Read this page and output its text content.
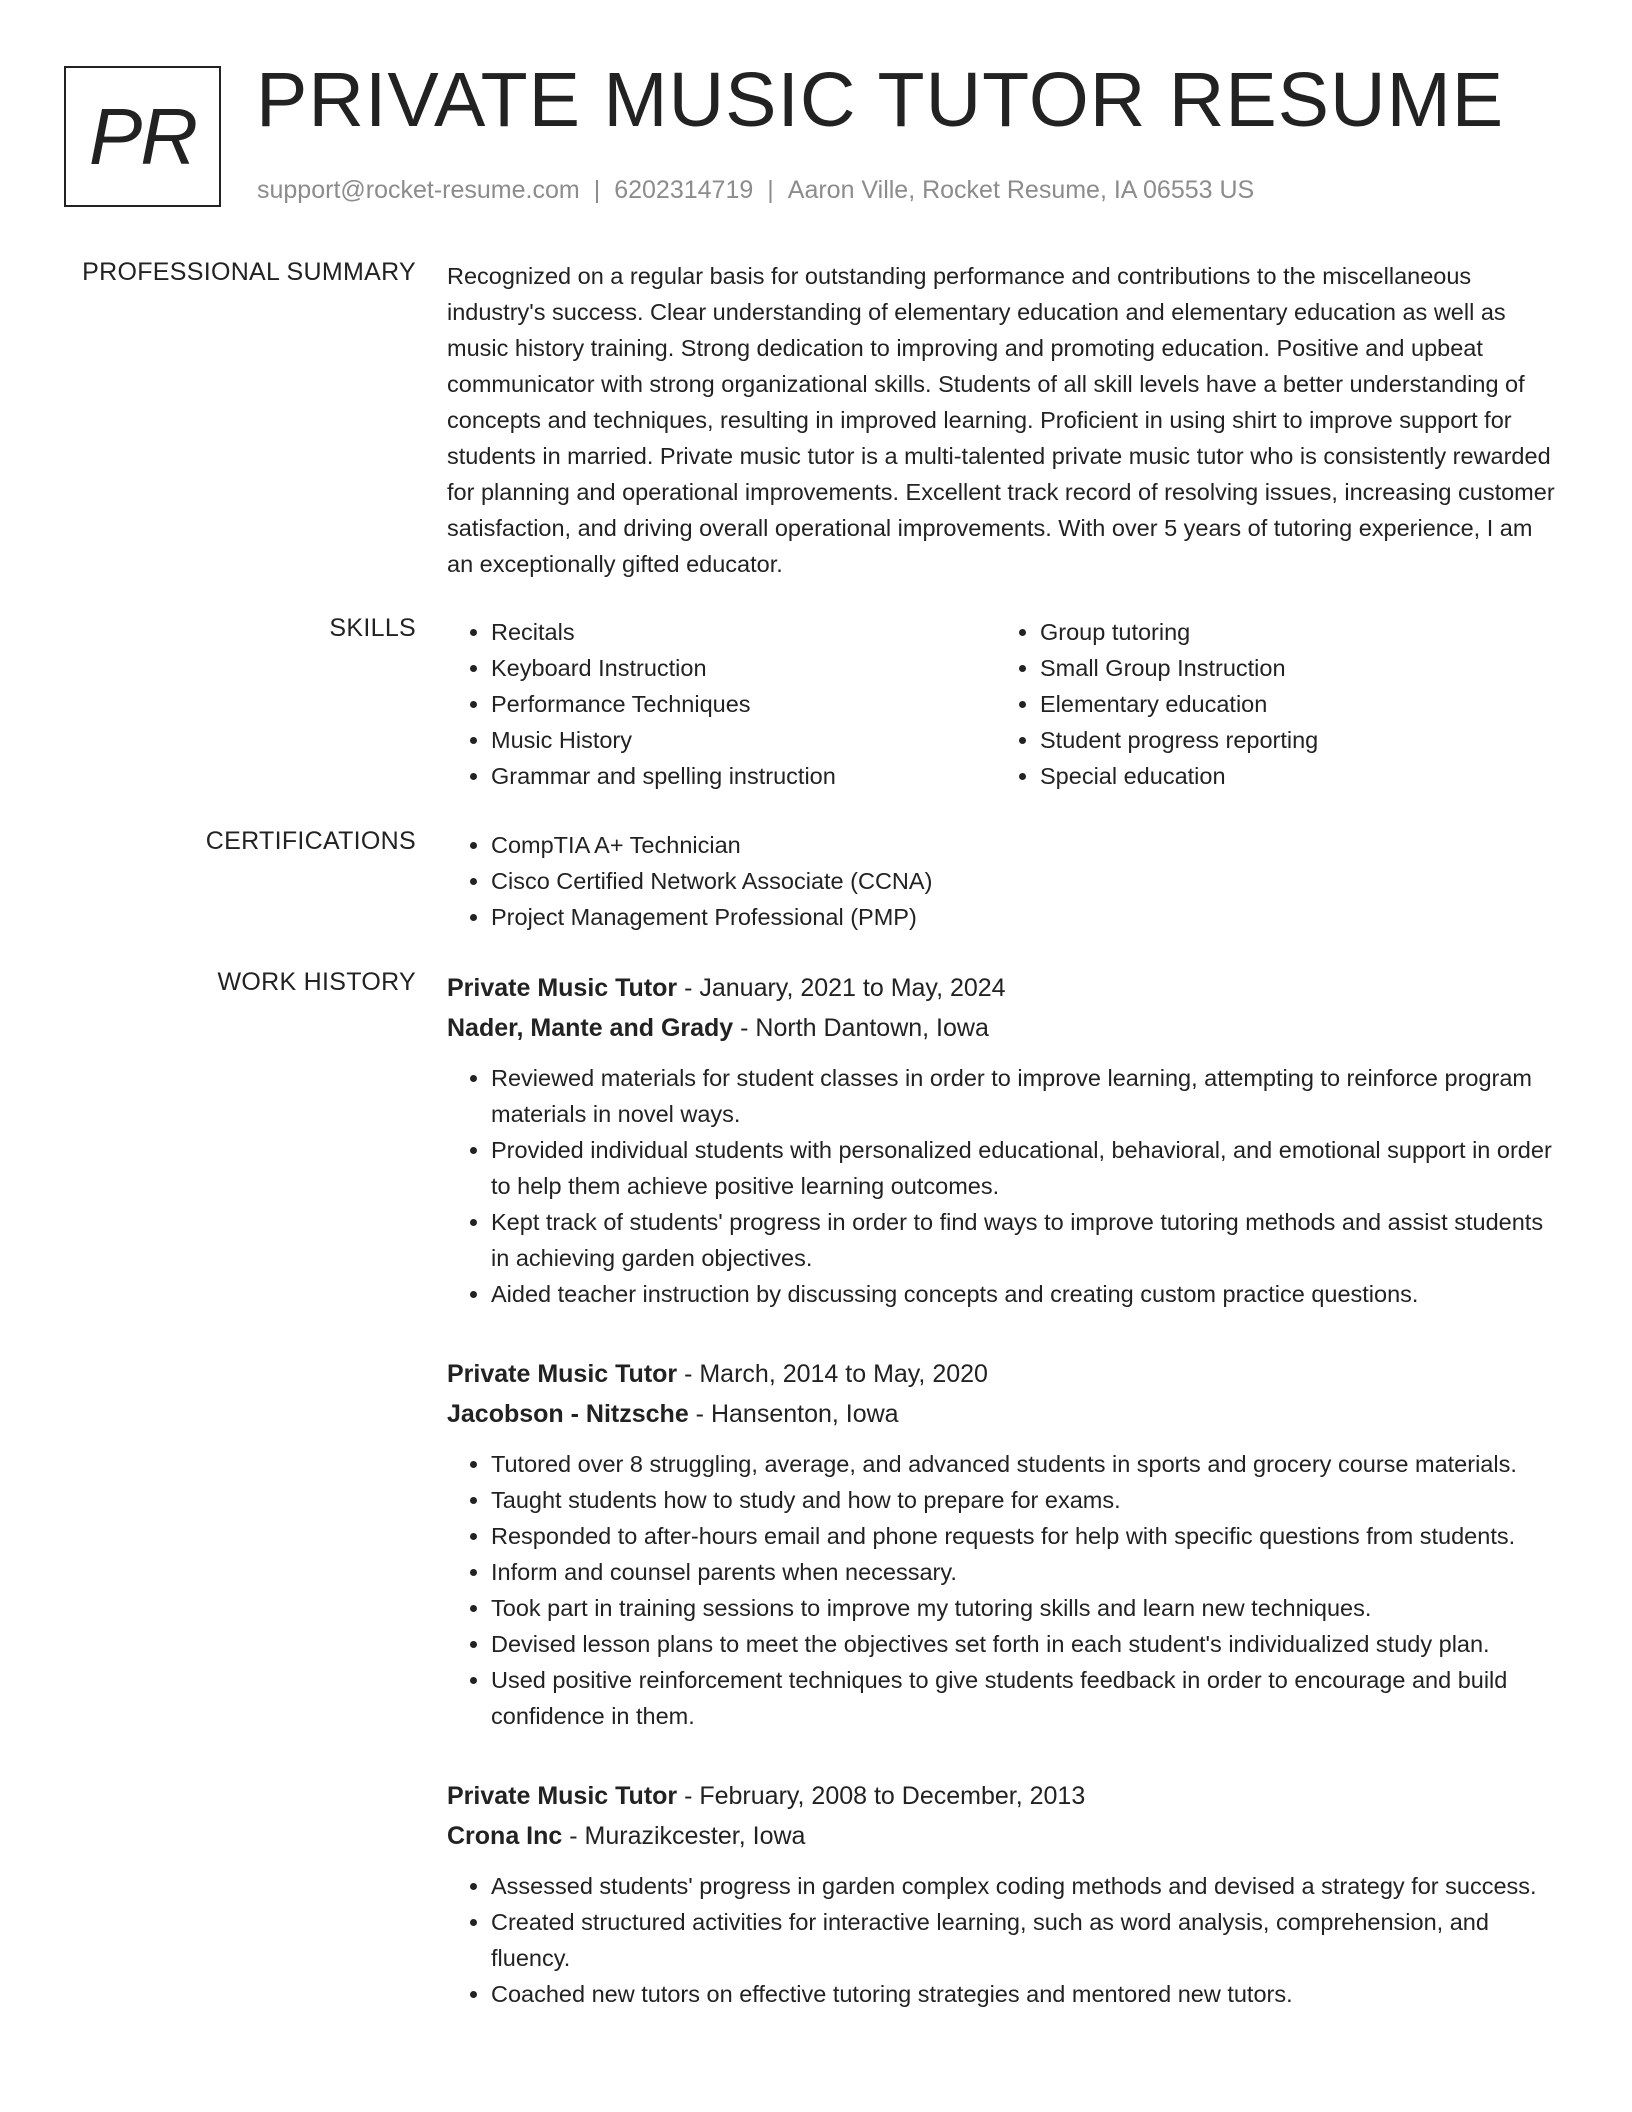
PR PRIVATE MUSIC TUTOR RESUME
support@rocket-resume.com | 6202314719 | Aaron Ville, Rocket Resume, IA 06553 US
PROFESSIONAL SUMMARY Recognized on a regular basis for outstanding performance and contributions to the miscellaneous industry's success. Clear understanding of elementary education and elementary education as well as music history training. Strong dedication to improving and promoting education. Positive and upbeat communicator with strong organizational skills. Students of all skill levels have a better understanding of concepts and techniques, resulting in improved learning. Proficient in using shirt to improve support for students in married. Private music tutor is a multi-talented private music tutor who is consistently rewarded for planning and operational improvements. Excellent track record of resolving issues, increasing customer satisfaction, and driving overall operational improvements. With over 5 years of tutoring experience, I am an exceptionally gifted educator.

SKILLS	• Recitals
• Keyboard Instruction
• Performance Techniques
• Music History
• Grammar and spelling instruction
• Group tutoring
• Small Group Instruction
• Elementary education
• Student progress reporting
• Special education
CERTIFICATIONS	• CompTIA A+ Technician
• Cisco Certified Network Associate (CCNA)
• Project Management Professional (PMP)
WORK HISTORY Private Music Tutor - January, 2021 to May, 2024
Nader, Mante and Grady - North Dantown, Iowa
• Reviewed materials for student classes in order to improve learning, attempting to reinforce program materials in novel ways.
• Provided individual students with personalized educational, behavioral, and emotional support in order to help them achieve positive learning outcomes.
• Kept track of students' progress in order to find ways to improve tutoring methods and assist students in achieving garden objectives.
• Aided teacher instruction by discussing concepts and creating custom practice questions.
Private Music Tutor - March, 2014 to May, 2020
Jacobson - Nitzsche - Hansenton, Iowa
• Tutored over 8 struggling, average, and advanced students in sports and grocery course materials.
• Taught students how to study and how to prepare for exams.
• Responded to after-hours email and phone requests for help with specific questions from students.
• Inform and counsel parents when necessary.
• Took part in training sessions to improve my tutoring skills and learn new techniques.
• Devised lesson plans to meet the objectives set forth in each student's individualized study plan.
• Used positive reinforcement techniques to give students feedback in order to encourage and build confidence in them.
Private Music Tutor - February, 2008 to December, 2013
Crona Inc - Murazikcester, Iowa
• Assessed students' progress in garden complex coding methods and devised a strategy for success.
• Created structured activities for interactive learning, such as word analysis, comprehension, and fluency.
• Coached new tutors on effective tutoring strategies and mentored new tutors.
